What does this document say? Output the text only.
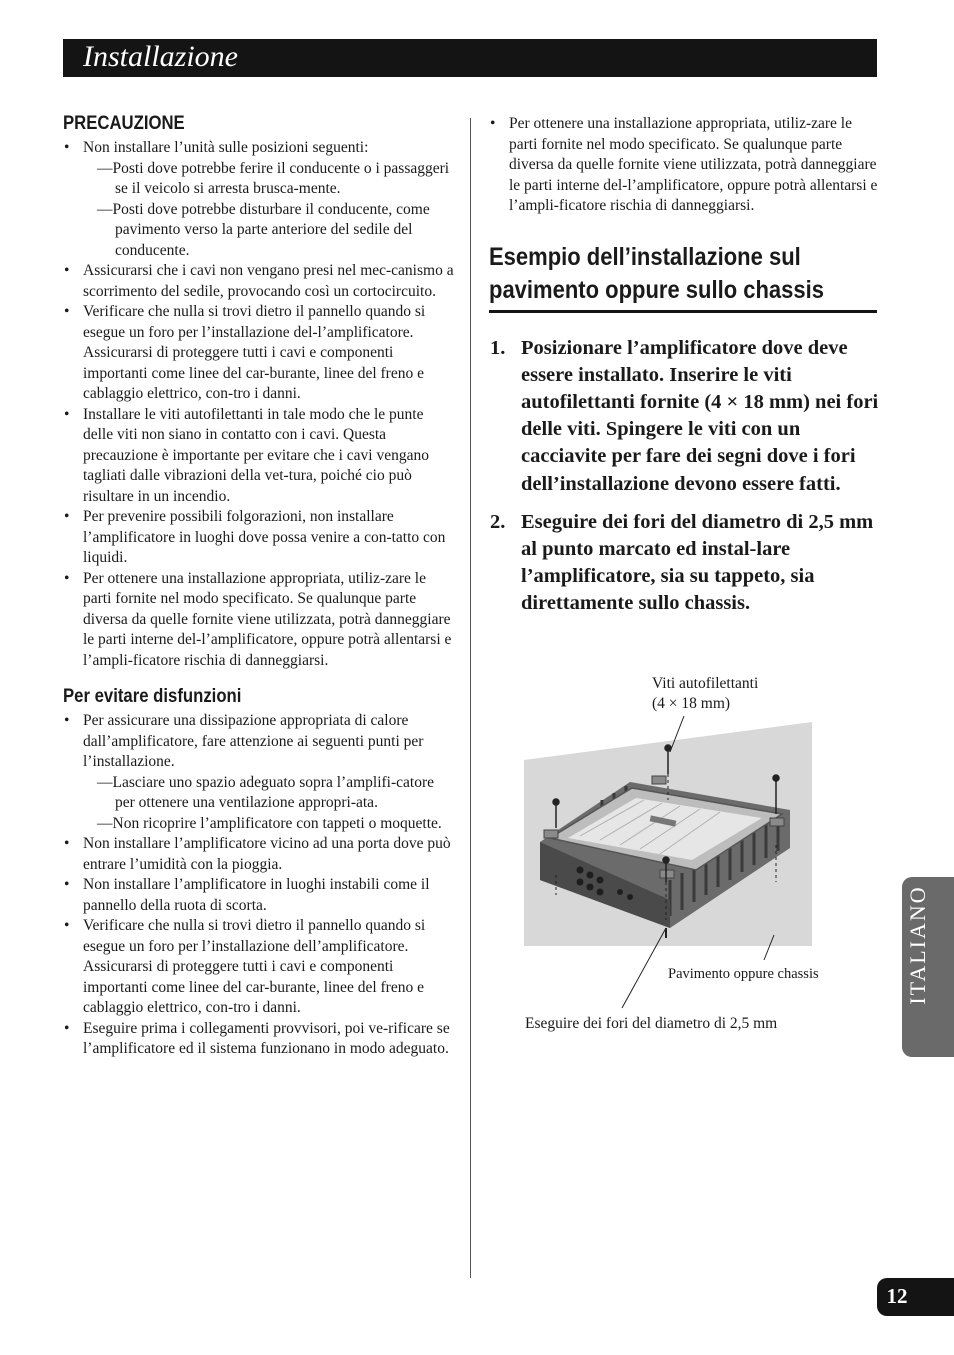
Installazione
PRECAUZIONE
• Non installare l’unità sulle posizioni seguenti:
—Posti dove potrebbe ferire il conducente o i passaggeri se il veicolo si arresta brusca-mente.
—Posti dove potrebbe disturbare il conducente, come pavimento verso la parte anteriore del sedile del conducente.
• Assicurarsi che i cavi non vengano presi nel mec-canismo a scorrimento del sedile, provocando così un cortocircuito.
• Verificare che nulla si trovi dietro il pannello quando si esegue un foro per l’installazione del-l’amplificatore. Assicurarsi di proteggere tutti i cavi e componenti importanti come linee del car-burante, linee del freno e cablaggio elettrico, con-tro i danni.
• Installare le viti autofilettanti in tale modo che le punte delle viti non siano in contatto con i cavi. Questa precauzione è importante per evitare che i cavi vengano tagliati dalle vibrazioni della vet-tura, poiché cio può risultare in un incendio.
• Per prevenire possibili folgorazioni, non installare l’amplificatore in luoghi dove possa venire a con-tatto con liquidi.
• Per ottenere una installazione appropriata, utiliz-zare le parti fornite nel modo specificato. Se qualunque parte diversa da quelle fornite viene utilizzata, potrà danneggiare le parti interne del-l’amplificatore, oppure potrà allentarsi e l’ampli-ficatore rischia di danneggiarsi.
Per evitare disfunzioni
• Per assicurare una dissipazione appropriata di calore dall’amplificatore, fare attenzione ai seguenti punti per l’installazione.
—Lasciare uno spazio adeguato sopra l’amplifi-catore per ottenere una ventilazione appropri-ata.
—Non ricoprire l’amplificatore con tappeti o moquette.
• Non installare l’amplificatore vicino ad una porta dove può entrare l’umidità con la pioggia.
• Non installare l’amplificatore in luoghi instabili come il pannello della ruota di scorta.
• Verificare che nulla si trovi dietro il pannello quando si esegue un foro per l’installazione dell’amplificatore. Assicurarsi di proteggere tutti i cavi e componenti importanti come linee del car-burante, linee del freno e cablaggio elettrico, con-tro i danni.
• Eseguire prima i collegamenti provvisori, poi ve-rificare se l’amplificatore ed il sistema funzionano in modo adeguato.
• Per ottenere una installazione appropriata, utiliz-zare le parti fornite nel modo specificato. Se qualunque parte diversa da quelle fornite viene utilizzata, potrà danneggiare le parti interne del-l’amplificatore, oppure potrà allentarsi e l’ampli-ficatore rischia di danneggiarsi.
Esempio dell’installazione sul
pavimento oppure sullo chassis
1. Posizionare l’amplificatore dove deve essere installato. Inserire le viti autofilettanti fornite (4 × 18 mm) nei fori delle viti. Spingere le viti con un cacciavite per fare dei segni dove i fori dell’installazione devono essere fatti.
2. Eseguire dei fori del diametro di 2,5 mm al punto marcato ed instal-lare l’amplificatore, sia su tappeto, sia direttamente sullo chassis.
Viti autofilettanti
(4 × 18 mm)
Pavimento oppure chassis
Eseguire dei fori del diametro di 2,5 mm
ITALIANO
12
